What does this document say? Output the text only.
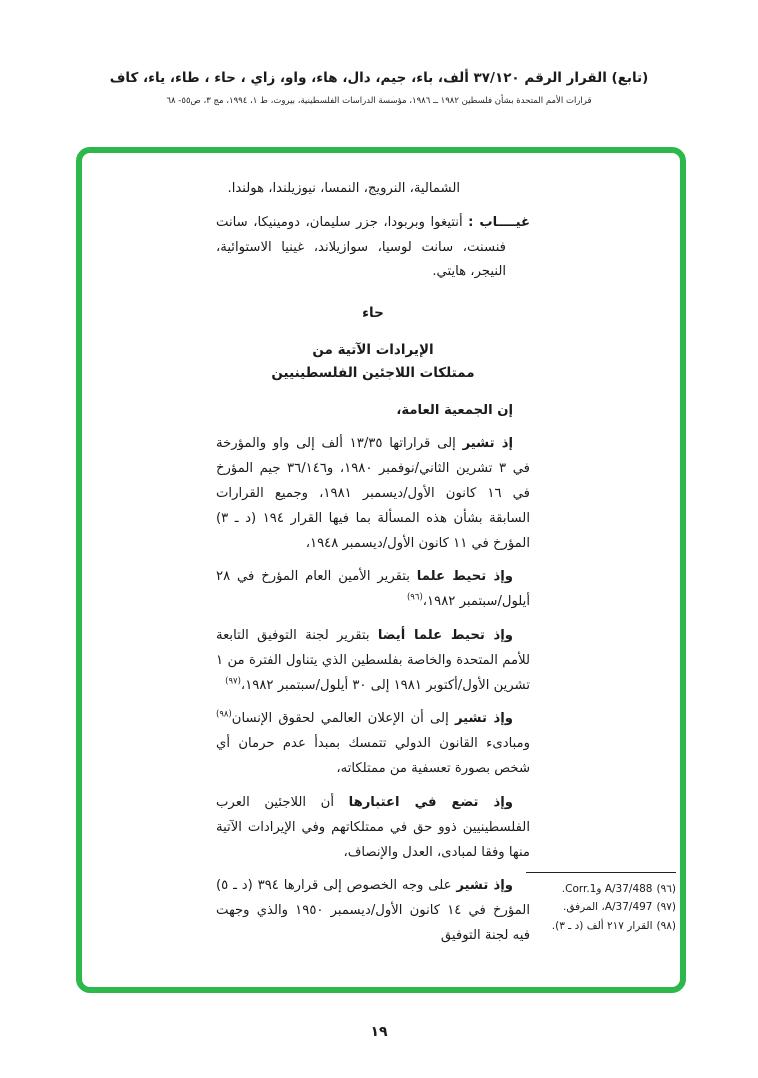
(تابع) القرار الرقم ٣٧/١٢٠ ألف، باء، جيم، دال، هاء، واو، زاي ، حاء ، طاء، ياء، كاف
قرارات الأمم المتحدة بشأن فلسطين ١٩٨٢ ــ ١٩٨٦، مؤسسة الدراسات الفلسطينية، بيروت، ط ١، ١٩٩٤، مج ٣، ص٥٥- ٦٨

الشمالية، النرويج، النمسا، نيوزيلندا، هولندا.

غيــــاب : أنتيغوا وبربودا، جزر سليمان، دومينيكا، سانت فنسنت، سانت لوسيا، سوازيلاند، غينيا الاستوائية، النيجر، هايتي.

حاء
الإيرادات الآتية من
ممتلكات اللاجئين الفلسطينيين

إن الجمعية العامة،

إذ تشير إلى قراراتها ١٣/٣٥ ألف إلى واو والمؤرخة في ٣ تشرين الثاني/نوفمبر ١٩٨٠، و٣٦/١٤٦ جيم المؤرخ في ١٦ كانون الأول/ديسمبر ١٩٨١، وجميع القرارات السابقة بشأن هذه المسألة بما فيها القرار ١٩٤ (د ـ ٣) المؤرخ في ١١ كانون الأول/ديسمبر ١٩٤٨،

وإذ تحيط علما بتقرير الأمين العام المؤرخ في ٢٨ أيلول/سبتمبر ١٩٨٢،$^{(٩٦)}$

وإذ تحيط علما أيضا بتقرير لجنة التوفيق التابعة للأمم المتحدة والخاصة بفلسطين الذي يتناول الفترة من ١ تشرين الأول/أكتوبر ١٩٨١ إلى ٣٠ أيلول/سبتمبر ١٩٨٢،$^{(٩٧)}$

وإذ تشير إلى أن الإعلان العالمي لحقوق الإنسان$^{(٩٨)}$ ومبادىء القانون الدولي تتمسك بمبدأ عدم حرمان أي شخص بصورة تعسفية من ممتلكاته،

وإذ تضع في اعتبارها أن اللاجئين العرب الفلسطينيين ذوو حق في ممتلكاتهم وفي الإيرادات الآتية منها وفقا لمبادى، العدل والإنصاف،

وإذ تشير على وجه الخصوص إلى قرارها ٣٩٤ (د ـ ٥) المؤرخ في ١٤ كانون الأول/ديسمبر ١٩٥٠ والذي وجهت فيه لجنة التوفيق

(٩٦)A/37/488 وCorr.1.
(٩٧)A/37/497، المرفق.
(٩٨)القرار ٢١٧ ألف (د ـ ٣).
١٩
